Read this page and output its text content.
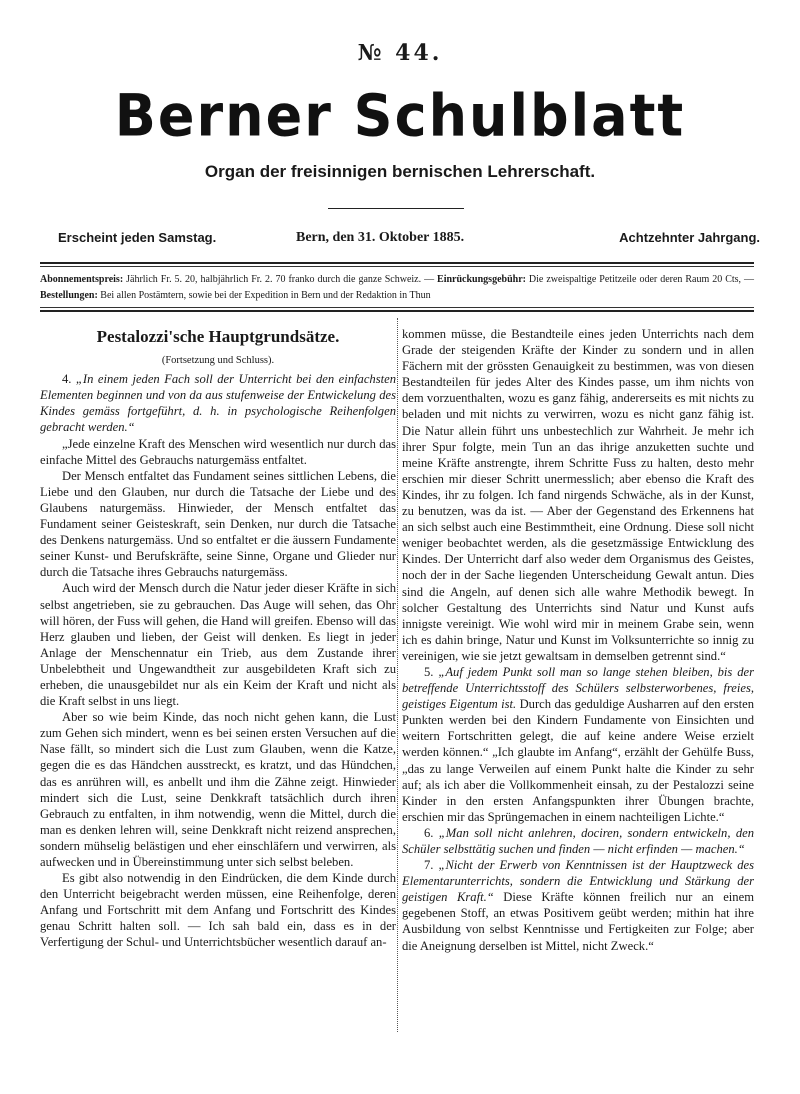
№ 44.
Berner Schulblatt
Organ der freisinnigen bernischen Lehrerschaft.
Erscheint jeden Samstag.	Bern, den 31. Oktober 1885.	Achtzehnter Jahrgang.
Abonnementspreis: Jährlich Fr. 5. 20, halbjährlich Fr. 2. 70 franko durch die ganze Schweiz. — Einrückungsgebühr: Die zweispaltige Petitzeile oder deren Raum 20 Cts, — Bestellungen: Bei allen Postämtern, sowie bei der Expedition in Bern und der Redaktion in Thun
Pestalozzi'sche Hauptgrundsätze.
(Fortsetzung und Schluss).
4. „In einem jeden Fach soll der Unterricht bei den einfachsten Elementen beginnen und von da aus stufenweise der Entwickelung des Kindes gemäss fortgeführt, d. h. in psychologische Reihenfolgen gebracht werden.“
„Jede einzelne Kraft des Menschen wird wesentlich nur durch das einfache Mittel des Gebrauchs naturgemäss entfaltet.
Der Mensch entfaltet das Fundament seines sittlichen Lebens, die Liebe und den Glauben, nur durch die Tatsache der Liebe und des Glaubens naturgemäss. Hinwieder, der Mensch entfaltet das Fundament seiner Geisteskraft, sein Denken, nur durch die Tatsache des Denkens naturgemäss. Und so entfaltet er die äussern Fundamente seiner Kunst- und Berufskräfte, seine Sinne, Organe und Glieder nur durch die Tatsache ihres Gebrauchs naturgemäss.
Auch wird der Mensch durch die Natur jeder dieser Kräfte in sich selbst angetrieben, sie zu gebrauchen. Das Auge will sehen, das Ohr will hören, der Fuss will gehen, die Hand will greifen. Ebenso will das Herz glauben und lieben, der Geist will denken. Es liegt in jeder Anlage der Menschennatur ein Trieb, aus dem Zustande ihrer Unbelebtheit und Ungewandtheit zur ausgebildeten Kraft sich zu erheben, die unausgebildet nur als ein Keim der Kraft und nicht als die Kraft selbst in uns liegt.
Aber so wie beim Kinde, das noch nicht gehen kann, die Lust zum Gehen sich mindert, wenn es bei seinen ersten Versuchen auf die Nase fällt, so mindert sich die Lust zum Glauben, wenn die Katze, gegen die es das Händchen ausstreckt, es kratzt, und das Hündchen, das es anrühren will, es anbellt und ihm die Zähne zeigt. Hinwieder mindert sich die Lust, seine Denkkraft tatsächlich durch ihren Gebrauch zu entfalten, in ihm notwendig, wenn die Mittel, durch die man es denken lehren will, seine Denkkraft nicht reizend ansprechen, sondern mühselig belästigen und eher einschläfern und verwirren, als aufwecken und in Übereinstimmung unter sich selbst beleben.
Es gibt also notwendig in den Eindrücken, die dem Kinde durch den Unterricht beigebracht werden müssen, eine Reihenfolge, deren Anfang und Fortschritt mit dem Anfang und Fortschritt des Kindes genau Schritt halten soll. — Ich sah bald ein, dass es in der Verfertigung der Schul- und Unterrichtsbücher wesentlich darauf an-
kommen müsse, die Bestandteile eines jeden Unterrichts nach dem Grade der steigenden Kräfte der Kinder zu sondern und in allen Fächern mit der grössten Genauigkeit zu bestimmen, was von diesen Bestandteilen für jedes Alter des Kindes passe, um ihm nichts von dem vorzuenthalten, wozu es ganz fähig, andererseits es mit nichts zu beladen und mit nichts zu verwirren, wozu es nicht ganz fähig ist. Die Natur allein führt uns unbestechlich zur Wahrheit. Je mehr ich ihrer Spur folgte, mein Tun an das ihrige anzuketten suchte und meine Kräfte anstrengte, ihrem Schritte Fuss zu halten, desto mehr erschien mir dieser Schritt unermesslich; aber ebenso die Kraft des Kindes, ihr zu folgen. Ich fand nirgends Schwäche, als in der Kunst, zu benutzen, was da ist. — Aber der Gegenstand des Erkennens hat an sich selbst auch eine Bestimmtheit, eine Ordnung. Diese soll nicht weniger beobachtet werden, als die gesetzmässige Entwicklung des Kindes. Der Unterricht darf also weder dem Organismus des Geistes, noch der in der Sache liegenden Unterscheidung Gewalt antun. Dies sind die Angeln, auf denen sich alle wahre Methodik bewegt. In solcher Gestaltung des Unterrichts sind Natur und Kunst aufs innigste vereinigt. Wie wohl wird mir in meinem Grabe sein, wenn ich es dahin bringe, Natur und Kunst im Volksunterrichte so innig zu vereinigen, wie sie jetzt gewaltsam in demselben getrennt sind.“
5. „Auf jedem Punkt soll man so lange stehen bleiben, bis der betreffende Unterrichtsstoff des Schülers selbsterworbenes, freies, geistiges Eigentum ist. Durch das geduldige Ausharren auf den ersten Punkten werden bei den Kindern Fundamente von Einsichten und weitern Fortschritten gelegt, die auf keine andere Weise erzielt werden können.“ „Ich glaubte im Anfang“, erzählt der Gehülfe Buss, „das zu lange Verweilen auf einem Punkt halte die Kinder zu sehr auf; als ich aber die Vollkommenheit einsah, zu der Pestalozzi seine Kinder in den ersten Anfangspunkten ihrer Übungen brachte, erschien mir das Sprüngemachen in einem nachteiligen Lichte.“
6. „Man soll nicht anlehren, dociren, sondern entwickeln, den Schüler selbsttätig suchen und finden — nicht erfinden — machen.“
7. „Nicht der Erwerb von Kenntnissen ist der Hauptzweck des Elementarunterrichts, sondern die Entwicklung und Stärkung der geistigen Kraft.“ Diese Kräfte können freilich nur an einem gegebenen Stoff, an etwas Positivem geübt werden; mithin hat ihre Ausbildung von selbst Kenntnisse und Fertigkeiten zur Folge; aber die Aneignung derselben ist Mittel, nicht Zweck.“
